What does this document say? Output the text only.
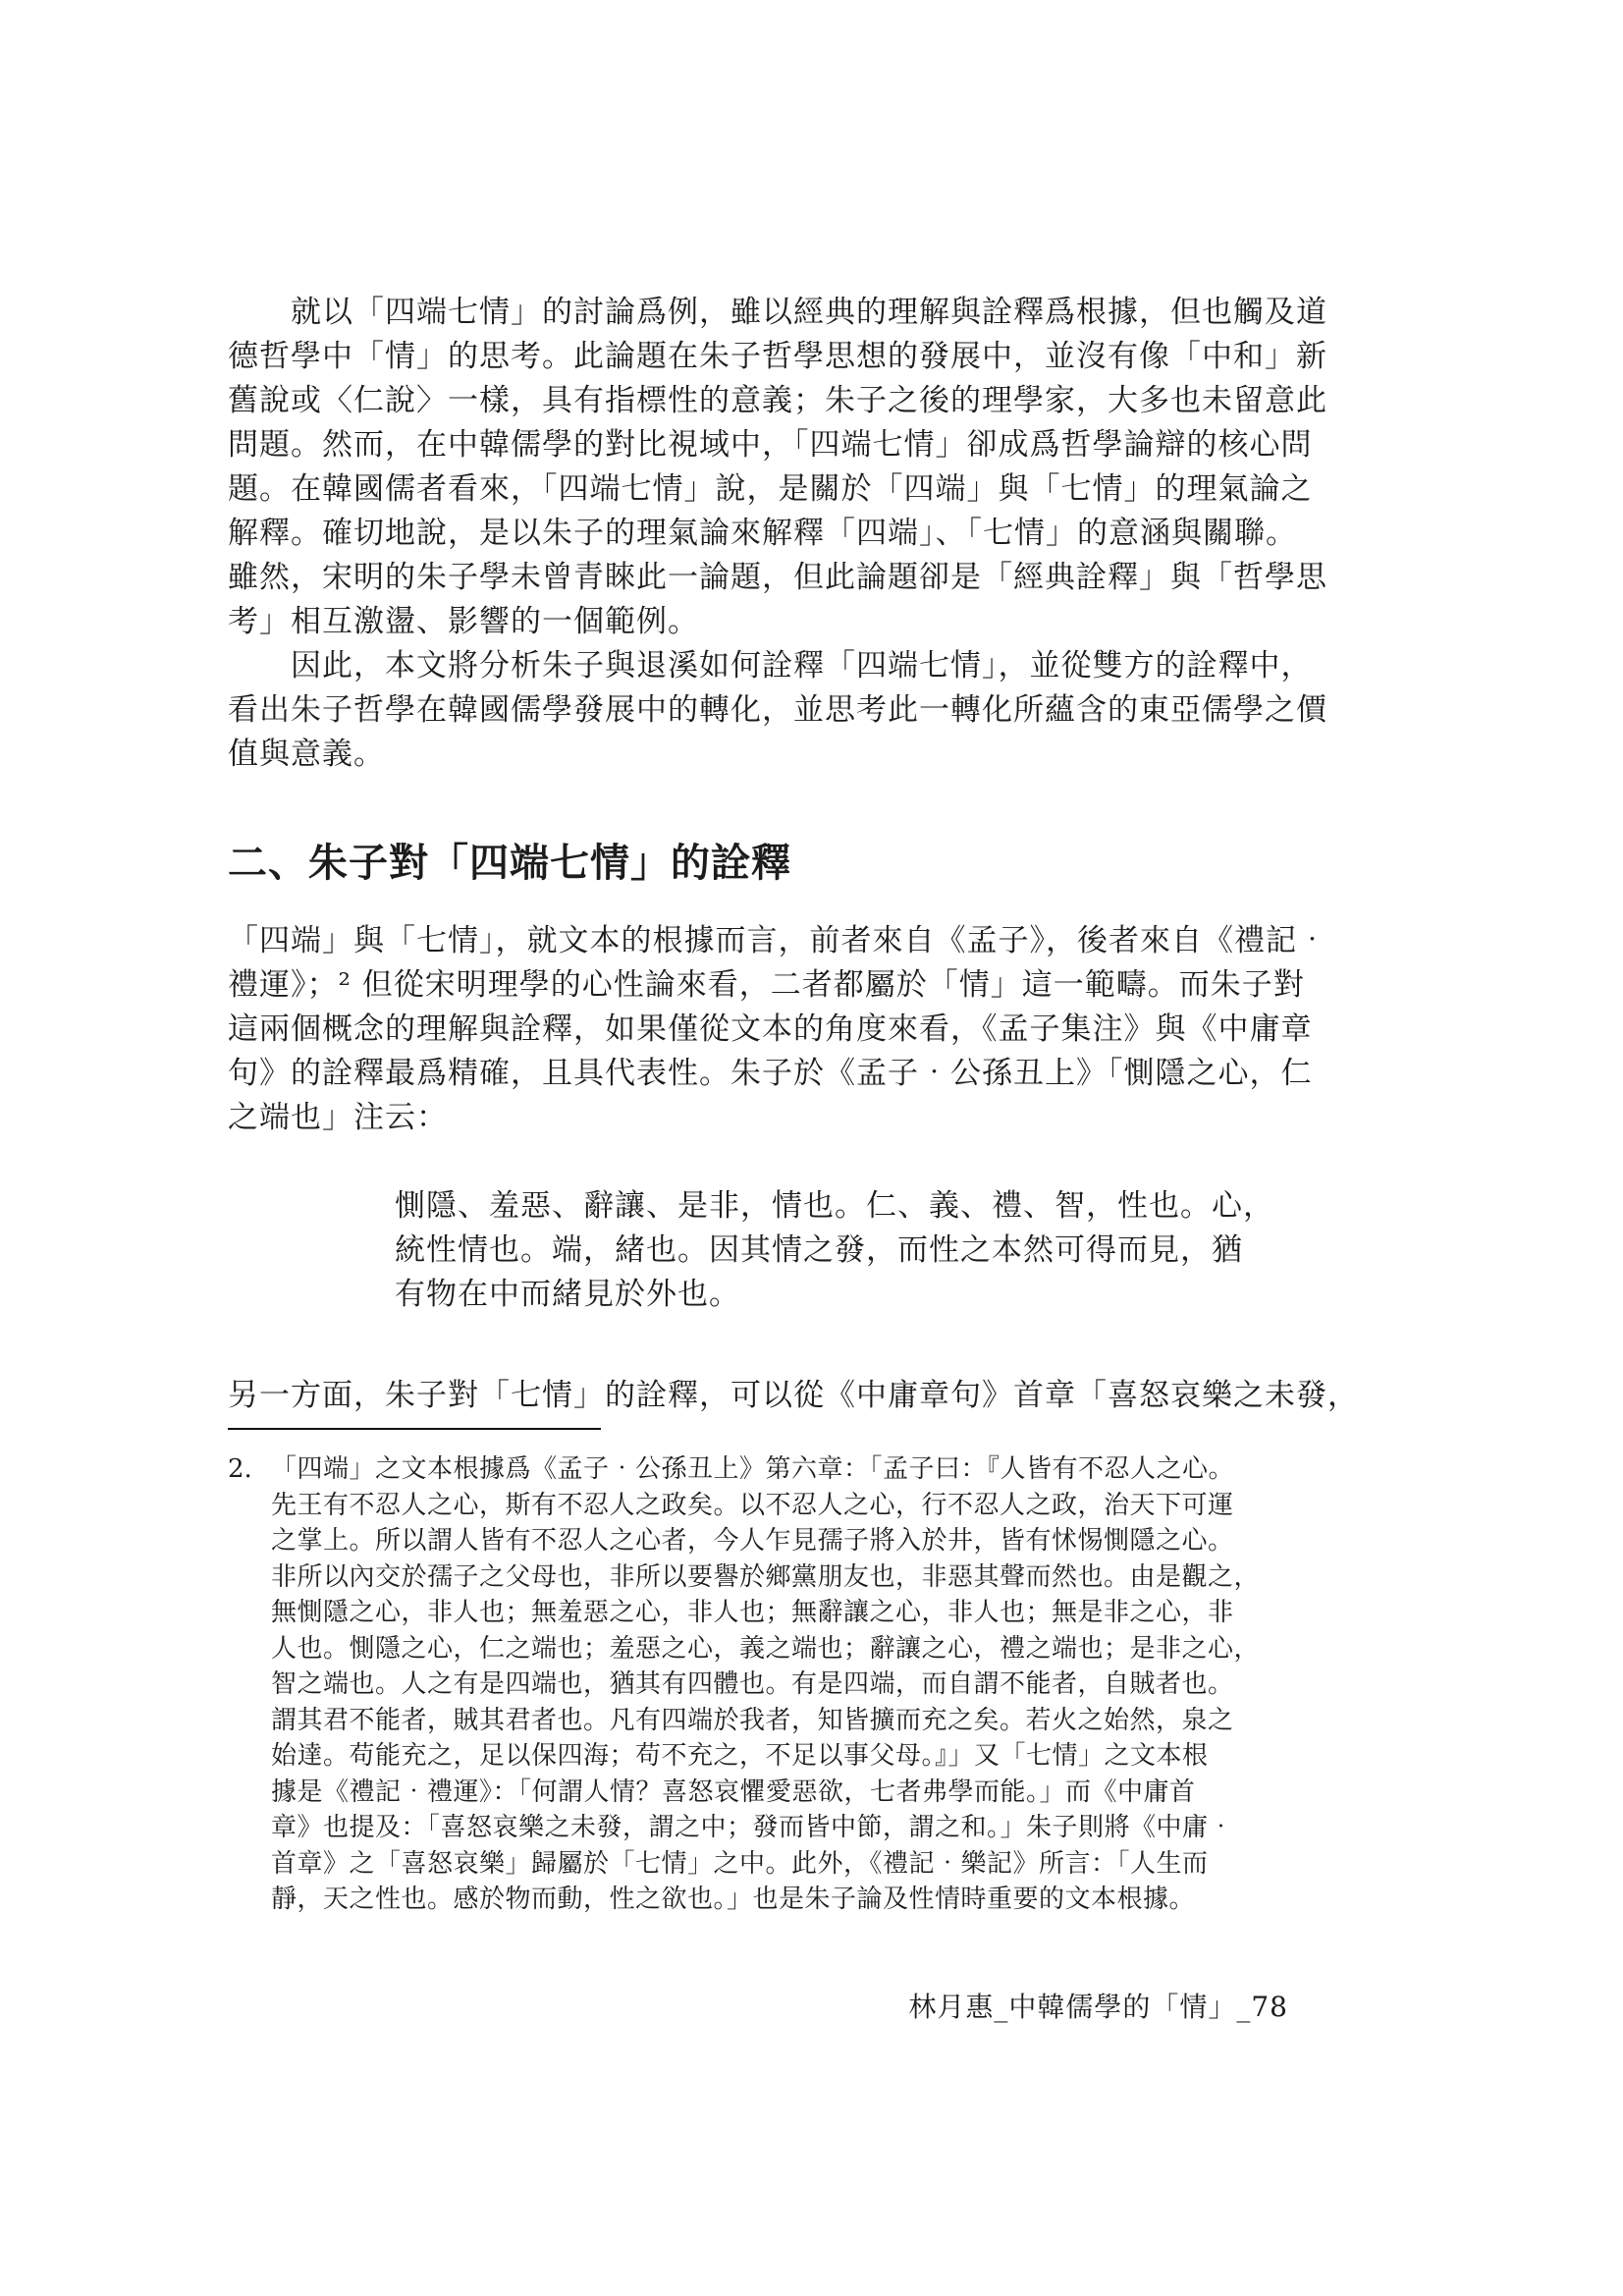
　　就以「四端七情」的討論爲例，雖以經典的理解與詮釋爲根據，但也觸及道
德哲學中「情」的思考。此論題在朱子哲學思想的發展中，並沒有像「中和」新
舊說或〈仁說〉一樣，具有指標性的意義；朱子之後的理學家，大多也未留意此
問題。然而，在中韓儒學的對比視域中，「四端七情」卻成爲哲學論辯的核心問
題。在韓國儒者看來，「四端七情」說，是關於「四端」與「七情」的理氣論之
解釋。確切地說，是以朱子的理氣論來解釋「四端」、「七情」的意涵與關聯。
雖然，宋明的朱子學未曾青睞此一論題，但此論題卻是「經典詮釋」與「哲學思
考」相互激盪、影響的一個範例。
　　因此，本文將分析朱子與退溪如何詮釋「四端七情」，並從雙方的詮釋中，
看出朱子哲學在韓國儒學發展中的轉化，並思考此一轉化所蘊含的東亞儒學之價
值與意義。
二、朱子對「四端七情」的詮釋
「四端」與「七情」，就文本的根據而言，前者來自《孟子》，後者來自《禮記‧
禮運》；² 但從宋明理學的心性論來看，二者都屬於「情」這一範疇。而朱子對
這兩個概念的理解與詮釋，如果僅從文本的角度來看，《孟子集注》與《中庸章
句》的詮釋最爲精確，且具代表性。朱子於《孟子‧公孫丑上》「惻隱之心，仁
之端也」注云：
惻隱、羞惡、辭讓、是非，情也。仁、義、禮、智，性也。心，
統性情也。端，緒也。因其情之發，而性之本然可得而見，猶
有物在中而緒見於外也。
另一方面，朱子對「七情」的詮釋，可以從《中庸章句》首章「喜怒哀樂之未發，
2. 「四端」之文本根據爲《孟子‧公孫丑上》第六章：「孟子曰：『人皆有不忍人之心。
先王有不忍人之心，斯有不忍人之政矣。以不忍人之心，行不忍人之政，治天下可運
之掌上。所以謂人皆有不忍人之心者，今人乍見孺子將入於井，皆有怵惕惻隱之心。
非所以內交於孺子之父母也，非所以要譽於鄉黨朋友也，非惡其聲而然也。由是觀之，
無惻隱之心，非人也；無羞惡之心，非人也；無辭讓之心，非人也；無是非之心，非
人也。惻隱之心，仁之端也；羞惡之心，義之端也；辭讓之心，禮之端也；是非之心，
智之端也。人之有是四端也，猶其有四體也。有是四端，而自謂不能者，自賊者也。
謂其君不能者，賊其君者也。凡有四端於我者，知皆擴而充之矣。若火之始然，泉之
始達。苟能充之，足以保四海；苟不充之，不足以事父母。』」又「七情」之文本根
據是《禮記‧禮運》：「何謂人情？喜怒哀懼愛惡欲，七者弗學而能。」而《中庸首
章》也提及：「喜怒哀樂之未發，謂之中；發而皆中節，謂之和。」朱子則將《中庸‧
首章》之「喜怒哀樂」歸屬於「七情」之中。此外，《禮記‧樂記》所言：「人生而
靜，天之性也。感於物而動，性之欲也。」也是朱子論及性情時重要的文本根據。
林月惠_中韓儒學的「情」_78
